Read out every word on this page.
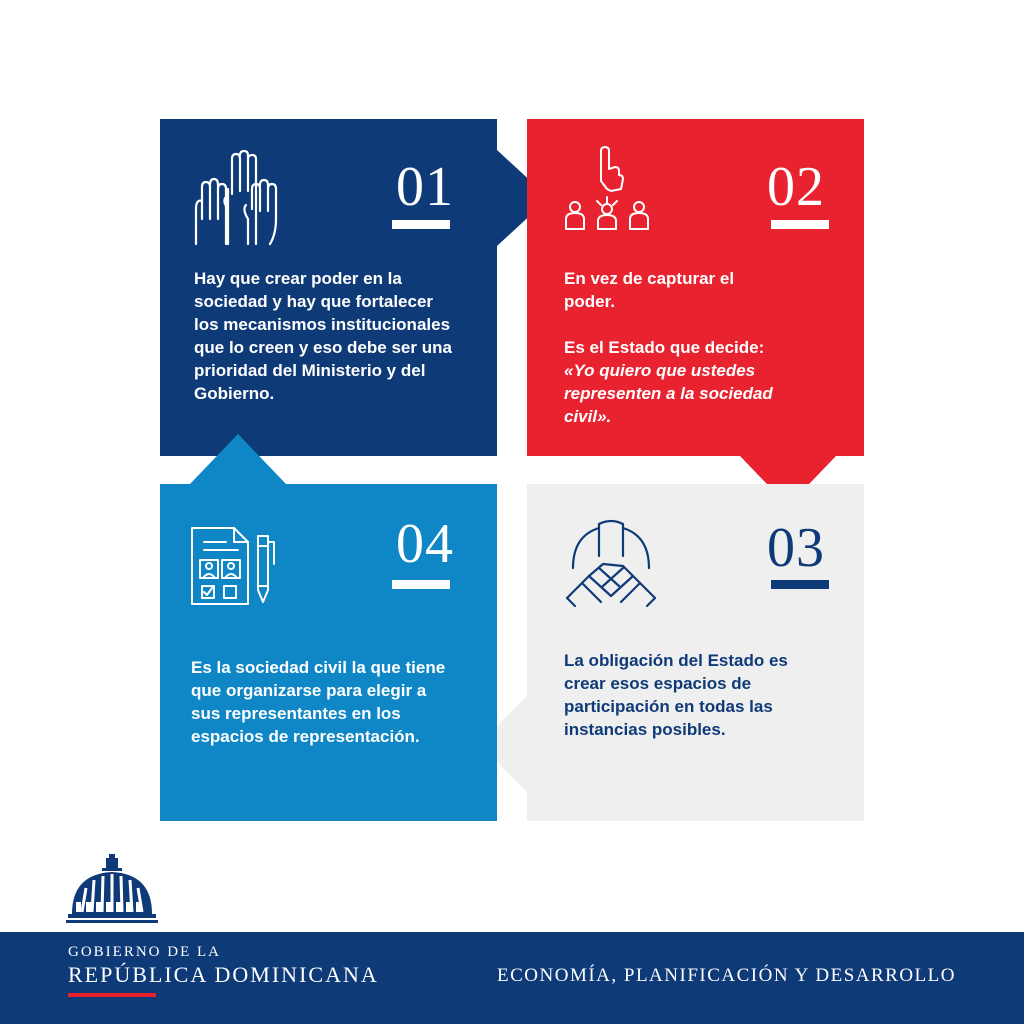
01

Hay que crear poder en la sociedad y hay que fortalecer los mecanismos institucionales que lo creen y eso debe ser una prioridad del Ministerio y del Gobierno.

02

En vez de capturar el poder.

Es el Estado que decide:

«Yo quiero que ustedes representen a la sociedad civil».

03

La obligación del Estado es crear esos espacios de participación en todas las instancias posibles.

04

Es la sociedad civil la que tiene que organizarse para elegir a sus representantes en los espacios de representación.

GOBIERNO DE LA
REPÚBLICA DOMINICANA	ECONOMÍA, PLANIFICACIÓN Y DESARROLLO
